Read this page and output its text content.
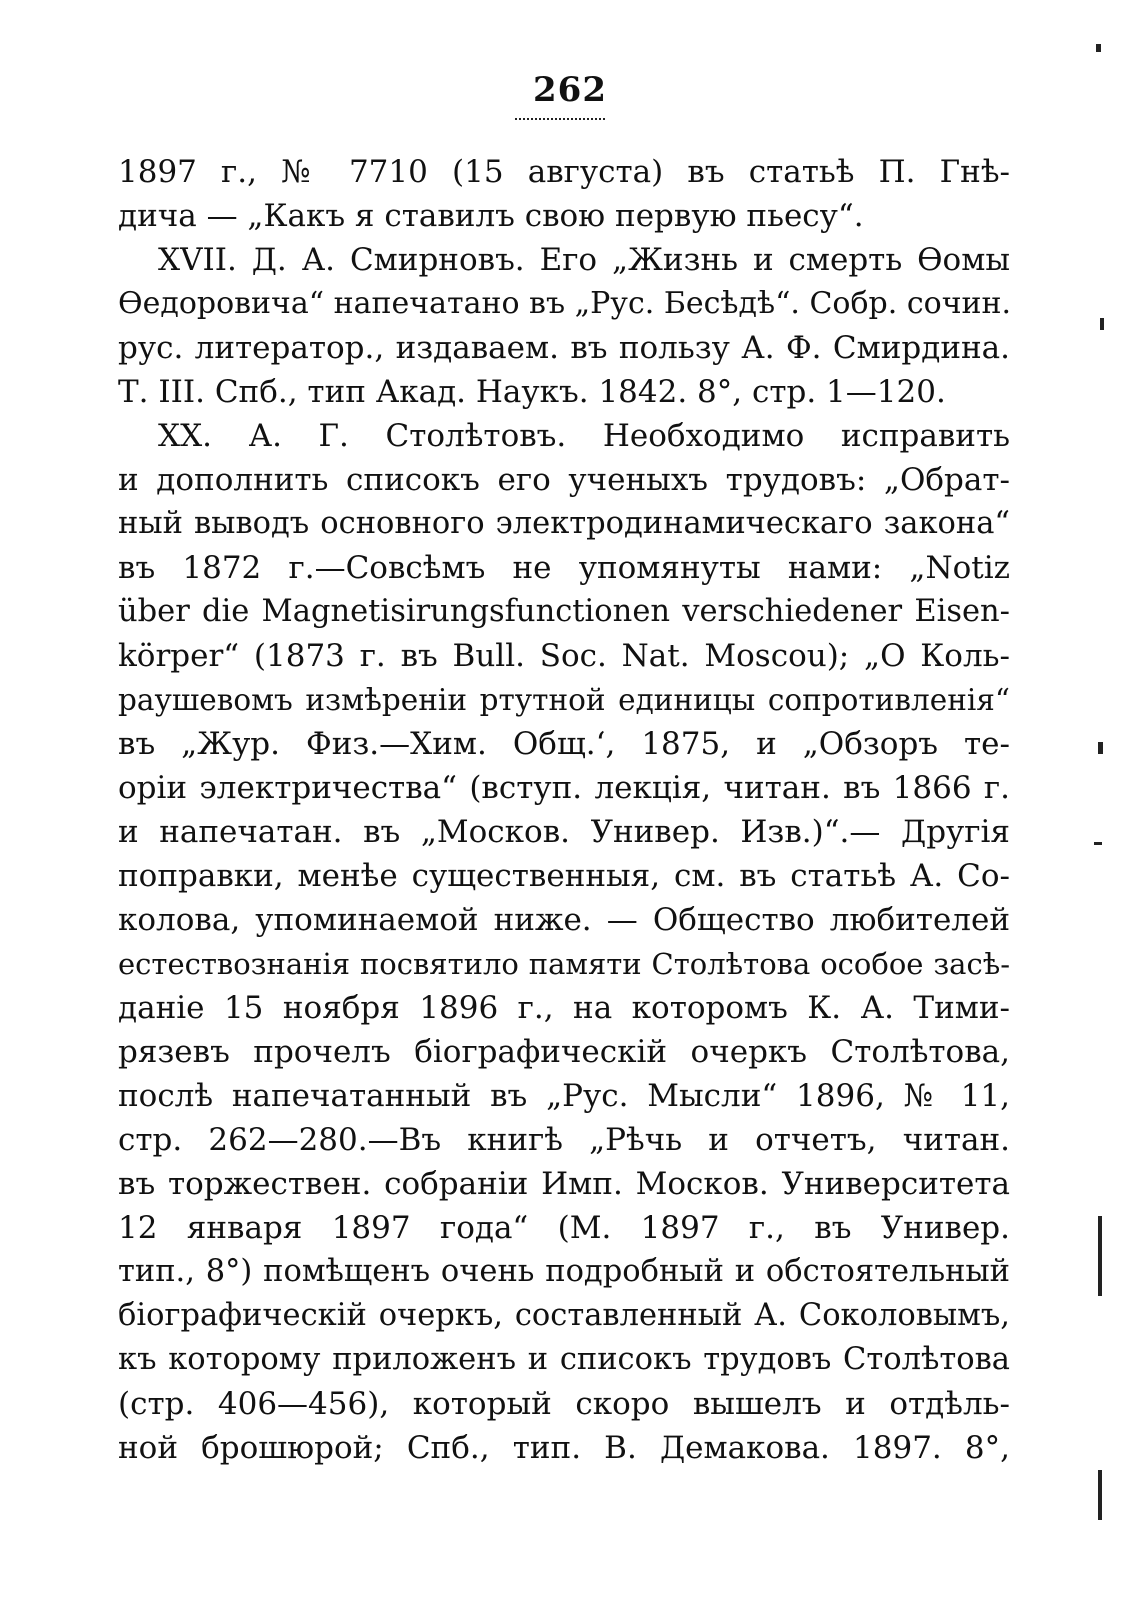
262
1897 г., № 7710 (15 августа) въ статьѣ П. Гнѣ-
дича — „Какъ я ставилъ свою первую пьесу“.
XVII. Д. А. Смирновъ. Его „Жизнь и смерть Ѳомы
Ѳедоровича“ напечатано въ „Рус. Бесѣдѣ“. Собр. сочин.
рус. литератор., издаваем. въ пользу А. Ф. Смирдина.
Т. III. Спб., тип Акад. Наукъ. 1842. 8°, стр. 1—120.
XX. А. Г. Столѣтовъ. Необходимо исправить
и дополнить списокъ его ученыхъ трудовъ: „Обрат-
ный выводъ основного электродинамическаго закона“
въ 1872 г.—Совсѣмъ не упомянуты нами: „Notiz
über die Magnetisirungsfunctionen verschiedener Eisen-
körper“ (1873 г. въ Bull. Soc. Nat. Moscou); „О Коль-
раушевомъ измѣреніи ртутной единицы сопротивленія“
въ „Жур. Физ.—Хим. Общ.‘, 1875, и „Обзоръ те-
оріи электричества“ (вступ. лекція, читан. въ 1866 г.
и напечатан. въ „Москов. Универ. Изв.)“.— Другія
поправки, менѣе существенныя, см. въ статьѣ А. Со-
колова, упоминаемой ниже. — Общество любителей
естествознанія посвятило памяти Столѣтова особое засѣ-
даніе 15 ноября 1896 г., на которомъ К. А. Тими-
рязевъ прочелъ біографическій очеркъ Столѣтова,
послѣ напечатанный въ „Рус. Мысли“ 1896, № 11,
стр. 262—280.—Въ книгѣ „Рѣчь и отчетъ, читан.
въ торжествен. собраніи Имп. Москов. Университета
12 января 1897 года“ (М. 1897 г., въ Унивеp.
тип., 8°) помѣщенъ очень подробный и обстоятельный
біографическій очеркъ, составленный А. Соколовымъ,
къ которому приложенъ и списокъ трудовъ Столѣтова
(стр. 406—456), который скоро вышелъ и отдѣль-
ной брошюрой; Спб., тип. В. Демакова. 1897. 8°,
